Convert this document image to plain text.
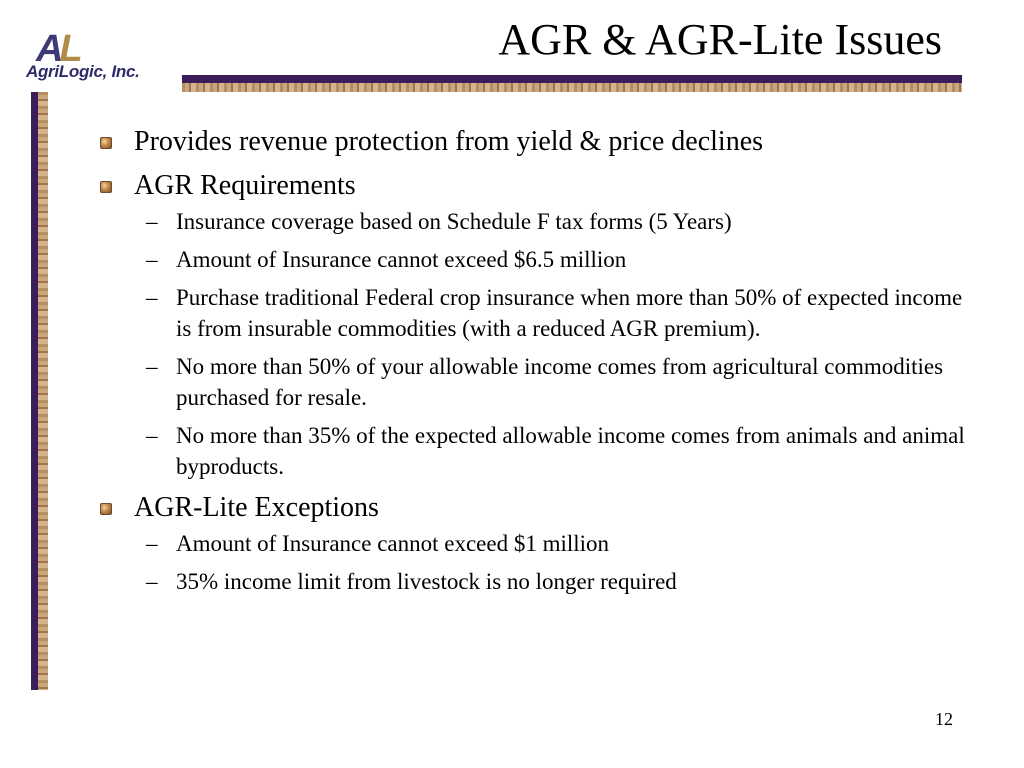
AL
AgriLogic, Inc.
AGR & AGR-Lite Issues
Provides revenue protection from yield & price declines
AGR Requirements
– Insurance coverage based on Schedule F tax forms (5 Years)
– Amount of Insurance cannot exceed $6.5 million
– Purchase traditional Federal crop insurance when more than 50% of expected income is from insurable commodities (with a reduced AGR premium).
– No more than 50% of your allowable income comes from agricultural commodities purchased for resale.
– No more than 35% of the expected allowable income comes from animals and animal byproducts.
AGR-Lite Exceptions
– Amount of Insurance cannot exceed $1 million
– 35% income limit from livestock is no longer required
12
